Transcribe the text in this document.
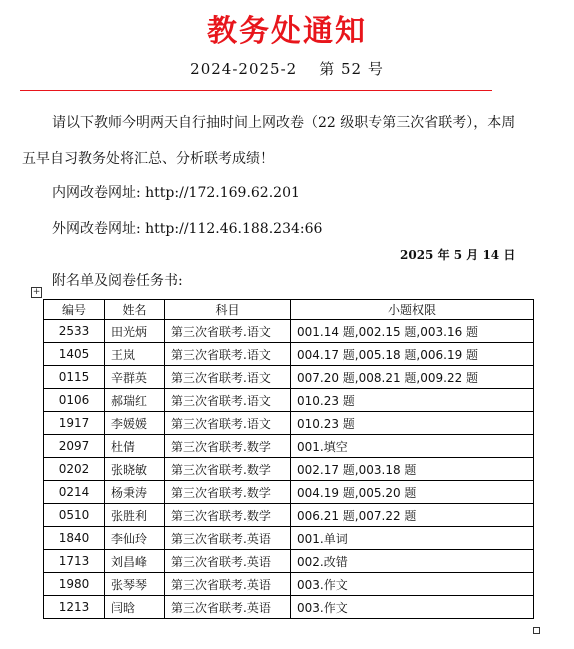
教务处通知
2024-2025-2 第 52 号
请以下教师今明两天自行抽时间上网改卷（22 级职专第三次省联考），本周
五早自习教务处将汇总、分析联考成绩！
内网改卷网址: http://172.169.62.201
外网改卷网址: http://112.46.188.234:66
2025 年 5 月 14 日
附名单及阅卷任务书:
+
编号	姓名	科目	小题权限
2533	田光炳	第三次省联考.语文	001.14 题,002.15 题,003.16 题
1405	王岚	第三次省联考.语文	004.17 题,005.18 题,006.19 题
0115	辛群英	第三次省联考.语文	007.20 题,008.21 题,009.22 题
0106	郝瑞红	第三次省联考.语文	010.23 题
1917	李媛媛	第三次省联考.语文	010.23 题
2097	杜倩	第三次省联考.数学	001.填空
0202	张晓敏	第三次省联考.数学	002.17 题,003.18 题
0214	杨秉涛	第三次省联考.数学	004.19 题,005.20 题
0510	张胜利	第三次省联考.数学	006.21 题,007.22 题
1840	李仙玲	第三次省联考.英语	001.单词
1713	刘昌峰	第三次省联考.英语	002.改错
1980	张琴琴	第三次省联考.英语	003.作文
1213	闫晗	第三次省联考.英语	003.作文
